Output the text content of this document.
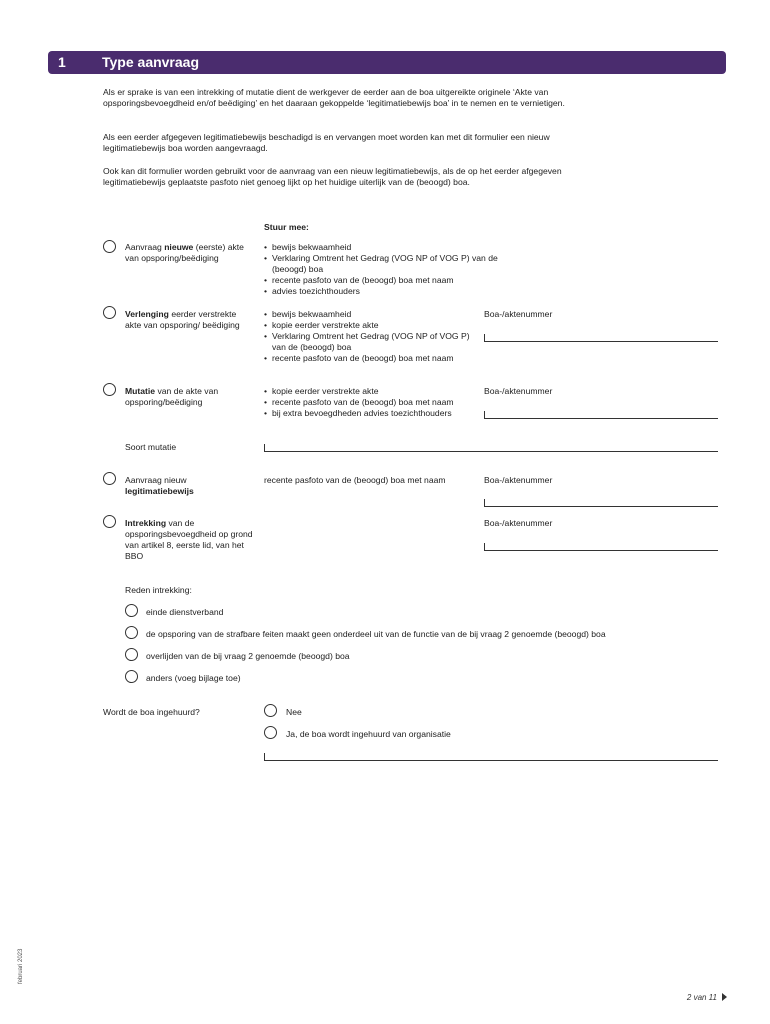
1	Type aanvraag
Als er sprake is van een intrekking of mutatie dient de werkgever de eerder aan de boa uitgereikte originele ‘Akte van opsporingsbevoegdheid en/of beëdiging’ en het daaraan gekoppelde ‘legitimatiebewijs boa’ in te nemen en te vernietigen.
Als een eerder afgegeven legitimatiebewijs beschadigd is en vervangen moet worden kan met dit formulier een nieuw legitimatiebewijs boa worden aangevraagd.
Ook kan dit formulier worden gebruikt voor de aanvraag van een nieuw legitimatiebewijs, als de op het eerder afgegeven legitimatiebewijs geplaatste pasfoto niet genoeg lijkt op het huidige uiterlijk van de (beoogd) boa.
Stuur mee:
Aanvraag nieuwe (eerste) akte van opsporing/beëdiging
• bewijs bekwaamheid
• Verklaring Omtrent het Gedrag (VOG NP of VOG P) van de (beoogd) boa
• recente pasfoto van de (beoogd) boa met naam
• advies toezichthouders
Verlenging eerder verstrekte akte van opsporing/ beëdiging
• bewijs bekwaamheid
• kopie eerder verstrekte akte
• Verklaring Omtrent het Gedrag (VOG NP of VOG P) van de (beoogd) boa
• recente pasfoto van de (beoogd) boa met naam
Boa-/aktenummer
Mutatie van de akte van opsporing/beëdiging
• kopie eerder verstrekte akte
• recente pasfoto van de (beoogd) boa met naam
• bij extra bevoegdheden advies toezichthouders
Boa-/aktenummer
Soort mutatie
Aanvraag nieuw legitimatiebewijs
recente pasfoto van de (beoogd) boa met naam	Boa-/aktenummer
Intrekking van de opsporingsbevoegdheid op grond van artikel 8, eerste lid, van het BBO
Boa-/aktenummer
Reden intrekking:
einde dienstverband
de opsporing van de strafbare feiten maakt geen onderdeel uit van de functie van de bij vraag 2 genoemde (beoogd) boa
overlijden van de bij vraag 2 genoemde (beoogd) boa
anders (voeg bijlage toe)
Wordt de boa ingehuurd?	Nee
Ja, de boa wordt ingehuurd van organisatie
februari 2023
2 van 11
